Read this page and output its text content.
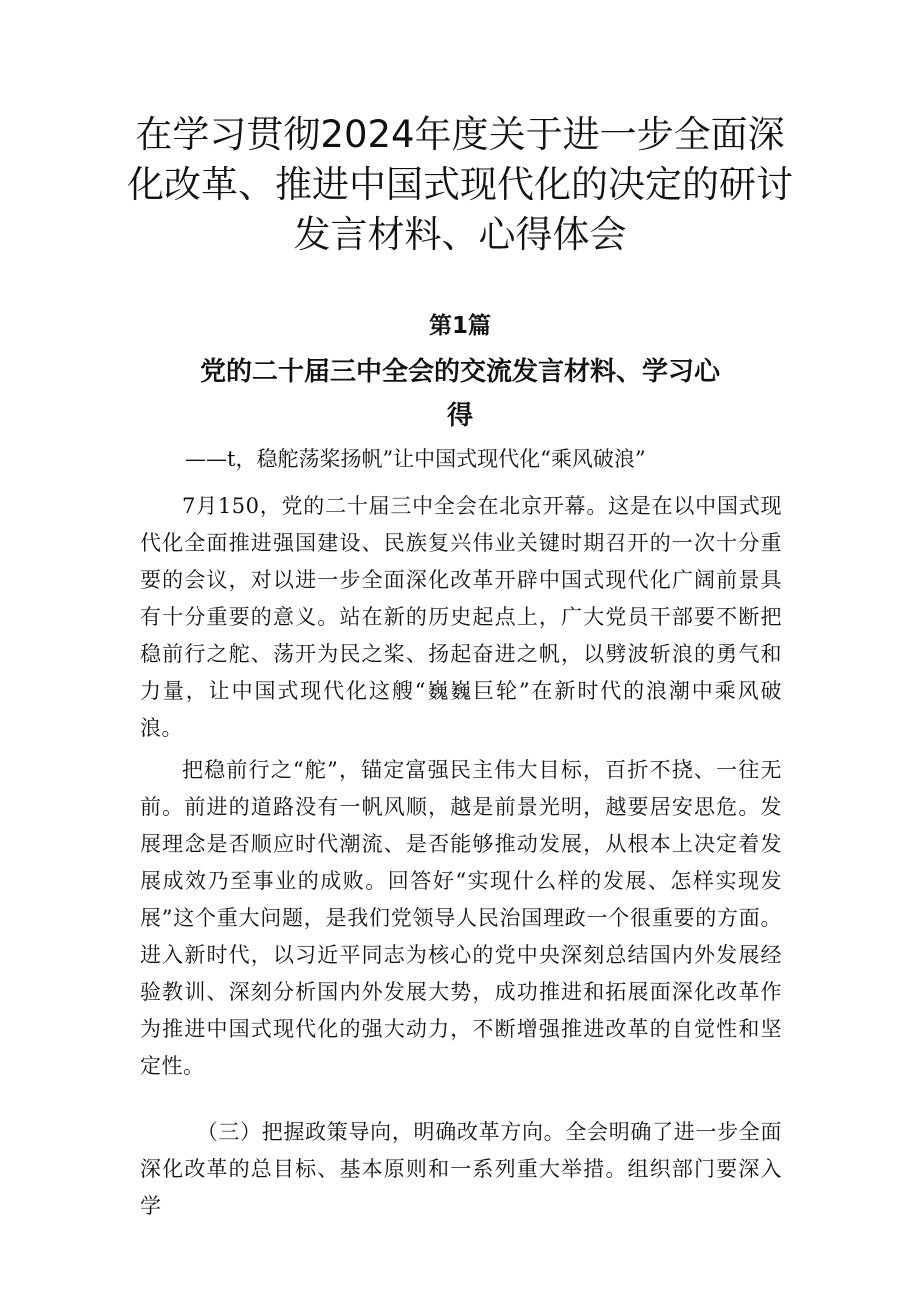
在学习贯彻2024年度关于进一步全面深化改革、推进中国式现代化的决定的研讨发言材料、心得体会
第1篇
党的二十届三中全会的交流发言材料、学习心得
——t，稳舵荡桨扬帆”让中国式现代化“乘风破浪”

7月150，党的二十届三中全会在北京开幕。这是在以中国式现代化全面推进强国建设、民族复兴伟业关键时期召开的一次十分重要的会议，对以进一步全面深化改革开辟中国式现代化广阔前景具有十分重要的意义。站在新的历史起点上，广大党员干部要不断把稳前行之舵、荡开为民之桨、扬起奋进之帆，以劈波斩浪的勇气和力量，让中国式现代化这艘“巍巍巨轮”在新时代的浪潮中乘风破浪。

把稳前行之“舵”，锚定富强民主伟大目标，百折不挠、一往无前。前进的道路没有一帆风顺，越是前景光明，越要居安思危。发展理念是否顺应时代潮流、是否能够推动发展，从根本上决定着发展成效乃至事业的成败。回答好“实现什么样的发展、怎样实现发展”这个重大问题，是我们党领导人民治国理政一个很重要的方面。进入新时代，以习近平同志为核心的党中央深刻总结国内外发展经验教训、深刻分析国内外发展大势，成功推进和拓展面深化改革作为推进中国式现代化的强大动力，不断增强推进改革的自觉性和坚定性。

（三）把握政策导向，明确改革方向。全会明确了进一步全面深化改革的总目标、基本原则和一系列重大举措。组织部门要深入学
